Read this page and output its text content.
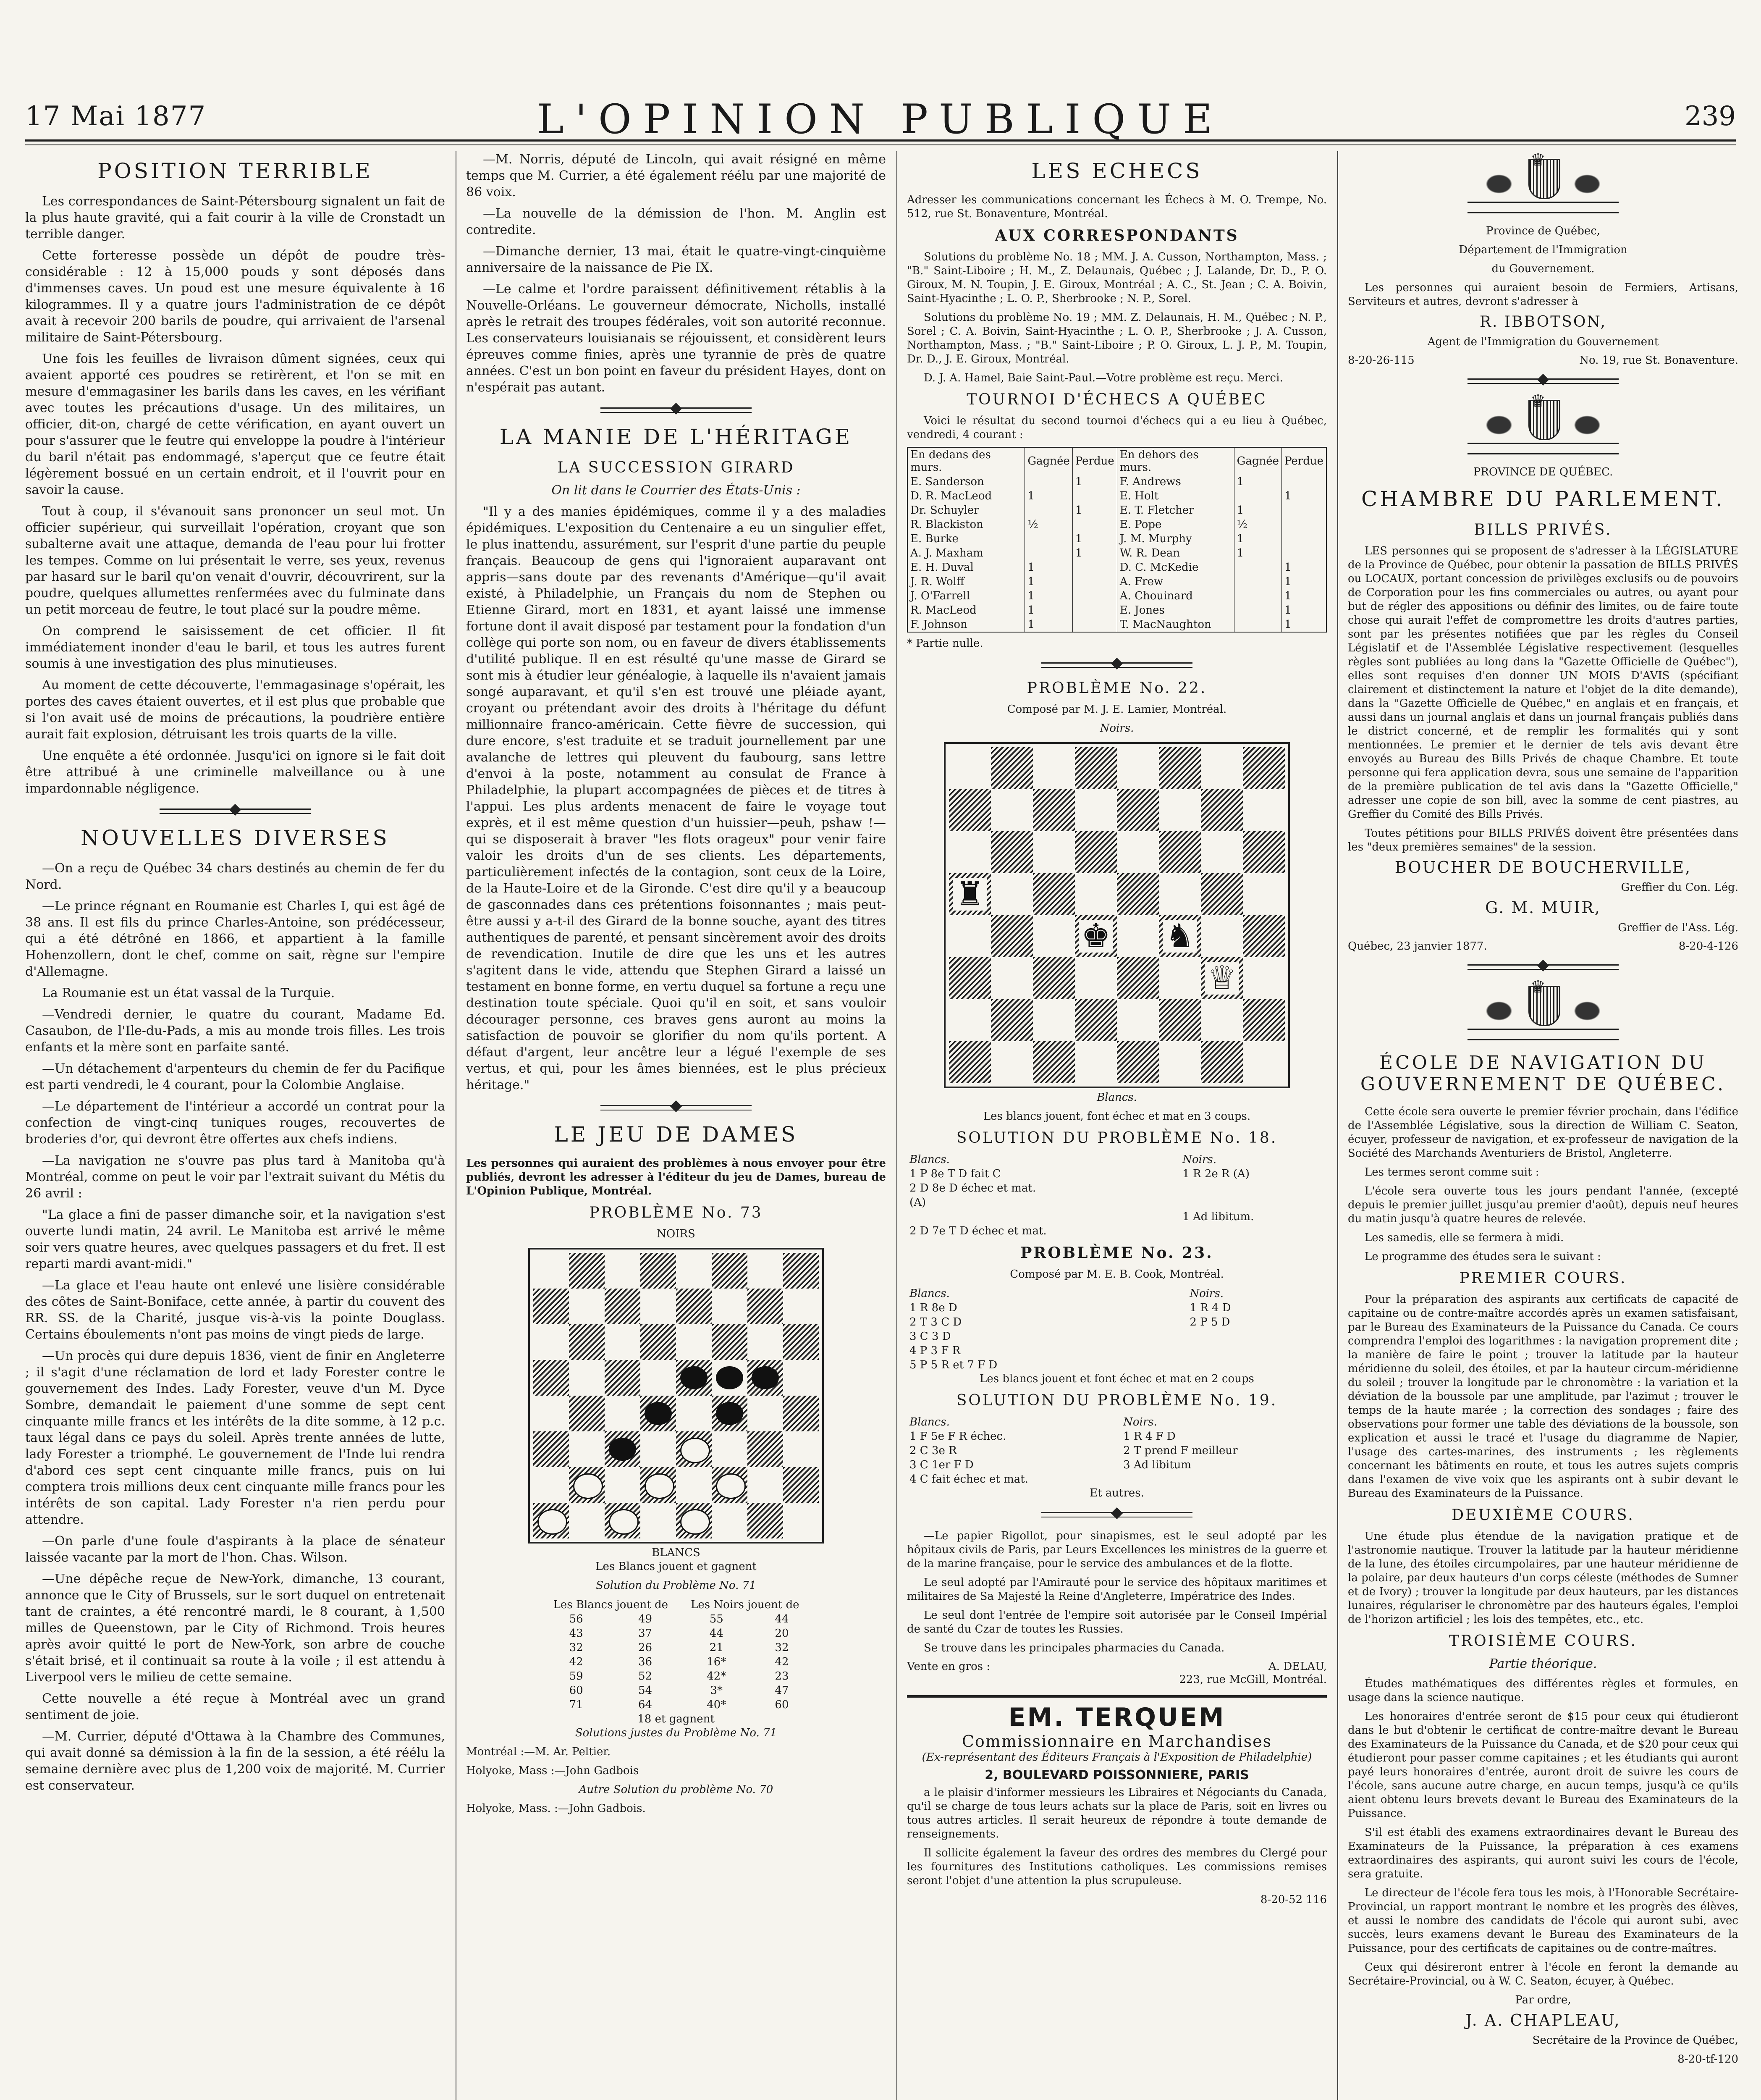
17 Mai 1877	L'OPINION PUBLIQUE	239
POSITION TERRIBLE

Les correspondances de Saint-Pétersbourg signalent un fait de la plus haute gravité, qui a fait courir à la ville de Cronstadt un terrible danger.

Cette forteresse possède un dépôt de poudre très-considérable : 12 à 15,000 pouds y sont déposés dans d'immenses caves. Un poud est une mesure équivalente à 16 kilogrammes. Il y a quatre jours l'administration de ce dépôt avait à recevoir 200 barils de poudre, qui arrivaient de l'arsenal militaire de Saint-Pétersbourg.

Une fois les feuilles de livraison dûment signées, ceux qui avaient apporté ces poudres se retirèrent, et l'on se mit en mesure d'emmagasiner les barils dans les caves, en les vérifiant avec toutes les précautions d'usage. Un des militaires, un officier, dit-on, chargé de cette vérification, en ayant ouvert un pour s'assurer que le feutre qui enveloppe la poudre à l'intérieur du baril n'était pas endommagé, s'aperçut que ce feutre était légèrement bossué en un certain endroit, et il l'ouvrit pour en savoir la cause.

Tout à coup, il s'évanouit sans prononcer un seul mot. Un officier supérieur, qui surveillait l'opération, croyant que son subalterne avait une attaque, demanda de l'eau pour lui frotter les tempes. Comme on lui présentait le verre, ses yeux, revenus par hasard sur le baril qu'on venait d'ouvrir, découvrirent, sur la poudre, quelques allumettes renfermées avec du fulminate dans un petit morceau de feutre, le tout placé sur la poudre même.

On comprend le saisissement de cet officier. Il fit immédiatement inonder d'eau le baril, et tous les autres furent soumis à une investigation des plus minutieuses.

Au moment de cette découverte, l'emmagasinage s'opérait, les portes des caves étaient ouvertes, et il est plus que probable que si l'on avait usé de moins de précautions, la poudrière entière aurait fait explosion, détruisant les trois quarts de la ville.

Une enquête a été ordonnée. Jusqu'ici on ignore si le fait doit être attribué à une criminelle malveillance ou à une impardonnable négligence.

NOUVELLES DIVERSES

—On a reçu de Québec 34 chars destinés au chemin de fer du Nord.

—Le prince régnant en Roumanie est Charles I, qui est âgé de 38 ans. Il est fils du prince Charles-Antoine, son prédécesseur, qui a été détrôné en 1866, et appartient à la famille Hohenzollern, dont le chef, comme on sait, règne sur l'empire d'Allemagne.

La Roumanie est un état vassal de la Turquie.

—Vendredi dernier, le quatre du courant, Madame Ed. Casaubon, de l'Ile-du-Pads, a mis au monde trois filles. Les trois enfants et la mère sont en parfaite santé.

—Un détachement d'arpenteurs du chemin de fer du Pacifique est parti vendredi, le 4 courant, pour la Colombie Anglaise.

—Le département de l'intérieur a accordé un contrat pour la confection de vingt-cinq tuniques rouges, recouvertes de broderies d'or, qui devront être offertes aux chefs indiens.

—La navigation ne s'ouvre pas plus tard à Manitoba qu'à Montréal, comme on peut le voir par l'extrait suivant du Métis du 26 avril :

"La glace a fini de passer dimanche soir, et la navigation s'est ouverte lundi matin, 24 avril. Le Manitoba est arrivé le même soir vers quatre heures, avec quelques passagers et du fret. Il est reparti mardi avant-midi."

—La glace et l'eau haute ont enlevé une lisière considérable des côtes de Saint-Boniface, cette année, à partir du couvent des RR. SS. de la Charité, jusque vis-à-vis la pointe Douglass. Certains éboulements n'ont pas moins de vingt pieds de large.

—Un procès qui dure depuis 1836, vient de finir en Angleterre ; il s'agit d'une réclamation de lord et lady Forester contre le gouvernement des Indes. Lady Forester, veuve d'un M. Dyce Sombre, demandait le paiement d'une somme de sept cent cinquante mille francs et les intérêts de la dite somme, à 12 p.c. taux légal dans ce pays du soleil. Après trente années de lutte, lady Forester a triomphé. Le gouvernement de l'Inde lui rendra d'abord ces sept cent cinquante mille francs, puis on lui comptera trois millions deux cent cinquante mille francs pour les intérêts de son capital. Lady Forester n'a rien perdu pour attendre.

—On parle d'une foule d'aspirants à la place de sénateur laissée vacante par la mort de l'hon. Chas. Wilson.

—Une dépêche reçue de New-York, dimanche, 13 courant, annonce que le City of Brussels, sur le sort duquel on entretenait tant de craintes, a été rencontré mardi, le 8 courant, à 1,500 milles de Queenstown, par le City of Richmond. Trois heures après avoir quitté le port de New-York, son arbre de couche s'était brisé, et il continuait sa route à la voile ; il est attendu à Liverpool vers le milieu de cette semaine.

Cette nouvelle a été reçue à Montréal avec un grand sentiment de joie.

—M. Currier, député d'Ottawa à la Chambre des Communes, qui avait donné sa démission à la fin de la session, a été réélu la semaine dernière avec plus de 1,200 voix de majorité. M. Currier est conservateur.

—M. Norris, député de Lincoln, qui avait résigné en même temps que M. Currier, a été également réélu par une majorité de 86 voix.

—La nouvelle de la démission de l'hon. M. Anglin est contredite.

—Dimanche dernier, 13 mai, était le quatre-vingt-cinquième anniversaire de la naissance de Pie IX.

—Le calme et l'ordre paraissent définitivement rétablis à la Nouvelle-Orléans. Le gouverneur démocrate, Nicholls, installé après le retrait des troupes fédérales, voit son autorité reconnue. Les conservateurs louisianais se réjouissent, et considèrent leurs épreuves comme finies, après une tyrannie de près de quatre années. C'est un bon point en faveur du président Hayes, dont on n'espérait pas autant.

LA MANIE DE L'HÉRITAGE
LA SUCCESSION GIRARD

On lit dans le Courrier des États-Unis :

"Il y a des manies épidémiques, comme il y a des maladies épidémiques. L'exposition du Centenaire a eu un singulier effet, le plus inattendu, assurément, sur l'esprit d'une partie du peuple français. Beaucoup de gens qui l'ignoraient auparavant ont appris—sans doute par des revenants d'Amérique—qu'il avait existé, à Philadelphie, un Français du nom de Stephen ou Etienne Girard, mort en 1831, et ayant laissé une immense fortune dont il avait disposé par testament pour la fondation d'un collège qui porte son nom, ou en faveur de divers établissements d'utilité publique. Il en est résulté qu'une masse de Girard se sont mis à étudier leur généalogie, à laquelle ils n'avaient jamais songé auparavant, et qu'il s'en est trouvé une pléiade ayant, croyant ou prétendant avoir des droits à l'héritage du défunt millionnaire franco-américain. Cette fièvre de succession, qui dure encore, s'est traduite et se traduit journellement par une avalanche de lettres qui pleuvent du faubourg, sans lettre d'envoi à la poste, notamment au consulat de France à Philadelphie, la plupart accompagnées de pièces et de titres à l'appui. Les plus ardents menacent de faire le voyage tout exprès, et il est même question d'un huissier—peuh, pshaw !—qui se disposerait à braver "les flots orageux" pour venir faire valoir les droits d'un de ses clients. Les départements, particulièrement infectés de la contagion, sont ceux de la Loire, de la Haute-Loire et de la Gironde. C'est dire qu'il y a beaucoup de gasconnades dans ces prétentions foisonnantes ; mais peut-être aussi y a-t-il des Girard de la bonne souche, ayant des titres authentiques de parenté, et pensant sincèrement avoir des droits de revendication. Inutile de dire que les uns et les autres s'agitent dans le vide, attendu que Stephen Girard a laissé un testament en bonne forme, en vertu duquel sa fortune a reçu une destination toute spéciale. Quoi qu'il en soit, et sans vouloir décourager personne, ces braves gens auront au moins la satisfaction de pouvoir se glorifier du nom qu'ils portent. A défaut d'argent, leur ancêtre leur a légué l'exemple de ses vertus, et qui, pour les âmes biennées, est le plus précieux héritage."

LE JEU DE DAMES

Les personnes qui auraient des problèmes à nous envoyer pour être publiés, devront les adresser à l'éditeur du jeu de Dames, bureau de L'Opinion Publique, Montréal.

PROBLÈME No. 73
NOIRS
BLANCS

Les Blancs jouent et gagnent

Solution du Problème No. 71

Les Blancs jouent de		Les Noirs jouent de	
56	49	55	44
43	37	44	20
32	26	21	32
42	36	16*	42
59	52	42*	23
60	54	3*	47
71	64	40*	60
18 et gagnent			

Solutions justes du Problème No. 71

Montréal :—M. Ar. Peltier.

Holyoke, Mass :—John Gadbois

Autre Solution du problème No. 70

Holyoke, Mass. :—John Gadbois.

LES ECHECS

Adresser les communications concernant les Échecs à M. O. Trempe, No. 512, rue St. Bonaventure, Montréal.

AUX CORRESPONDANTS

Solutions du problème No. 18 ; MM. J. A. Cusson, Northampton, Mass. ; "B." Saint-Liboire ; H. M., Z. Delaunais, Québec ; J. Lalande, Dr. D., P. O. Giroux, M. N. Toupin, J. E. Giroux, Montréal ; A. C., St. Jean ; C. A. Boivin, Saint-Hyacinthe ; L. O. P., Sherbrooke ; N. P., Sorel.

Solutions du problème No. 19 ; MM. Z. Delaunais, H. M., Québec ; N. P., Sorel ; C. A. Boivin, Saint-Hyacinthe ; L. O. P., Sherbrooke ; J. A. Cusson, Northampton, Mass. ; "B." Saint-Liboire ; P. O. Giroux, L. J. P., M. Toupin, Dr. D., J. E. Giroux, Montréal.

D. J. A. Hamel, Baie Saint-Paul.—Votre problème est reçu. Merci.

TOURNOI D'ÉCHECS A QUÉBEC

Voici le résultat du second tournoi d'échecs qui a eu lieu à Québec, vendredi, 4 courant :

En dedans des murs.	Gagnée	Perdue	En dehors des murs.	Gagnée	Perdue
E. Sanderson		1	F. Andrews	1	
D. R. MacLeod	1		E. Holt		1
Dr. Schuyler		1	E. T. Fletcher	1	
R. Blackiston	½		E. Pope	½	
E. Burke		1	J. M. Murphy	1	
A. J. Maxham		1	W. R. Dean	1	
E. H. Duval	1		D. C. McKedie		1
J. R. Wolff	1		A. Frew		1
J. O'Farrell	1		A. Chouinard		1
R. MacLeod	1		E. Jones		1
F. Johnson	1		T. MacNaughton		1

* Partie nulle.

PROBLÈME No. 22.

Composé par M. J. E. Lamier, Montréal.

Noirs.

♜
♚ ♞
♕

Blancs.

Les blancs jouent, font échec et mat en 3 coups.

SOLUTION DU PROBLÈME No. 18.
Blancs.	Noirs.
1 P 8e T D fait C	1 R 2e R (A)
2 D 8e D échec et mat.	
(A)	
	1 Ad libitum.
2 D 7e T D échec et mat.	
PROBLÈME No. 23.

Composé par M. E. B. Cook, Montréal.

Blancs.	Noirs.
1 R 8e D	1 R 4 D
2 T 3 C D	2 P 5 D
3 C 3 D	
4 P 3 F R	
5 P 5 R et 7 F D	

Les blancs jouent et font échec et mat en 2 coups

SOLUTION DU PROBLÈME No. 19.
Blancs.	Noirs.
1 F 5e F R échec.	1 R 4 F D
2 C 3e R	2 T prend F meilleur
3 C 1er F D	3 Ad libitum
4 C fait échec et mat.	

Et autres.

—Le papier Rigollot, pour sinapismes, est le seul adopté par les hôpitaux civils de Paris, par Leurs Excellences les ministres de la guerre et de la marine française, pour le service des ambulances et de la flotte.

Le seul adopté par l'Amirauté pour le service des hôpitaux maritimes et militaires de Sa Majesté la Reine d'Angleterre, Impératrice des Indes.

Le seul dont l'entrée de l'empire soit autorisée par le Conseil Impérial de santé du Czar de toutes les Russies.

Se trouve dans les principales pharmacies du Canada.

Vente en gros :	A. DELAU,

223, rue McGill, Montréal.

EM. TERQUEM
Commissionnaire en Marchandises
(Ex-représentant des Éditeurs Français à l'Exposition de Philadelphie)
2, BOULEVARD POISSONNIERE, PARIS

a le plaisir d'informer messieurs les Libraires et Négociants du Canada, qu'il se charge de tous leurs achats sur la place de Paris, soit en livres ou tous autres articles. Il serait heureux de répondre à toute demande de renseignements.

Il sollicite également la faveur des ordres des membres du Clergé pour les fournitures des Institutions catholiques. Les commissions remises seront l'objet d'une attention la plus scrupuleuse.

8-20-52 116
♛

Province de Québec,

Département de l'Immigration

du Gouvernement.

Les personnes qui auraient besoin de Fermiers, Artisans, Serviteurs et autres, devront s'adresser à

R. IBBOTSON,

Agent de l'Immigration du Gouvernement

8-20-26-115	No. 19, rue St. Bonaventure.
♛

PROVINCE DE QUÉBEC.

CHAMBRE DU PARLEMENT.
BILLS PRIVÉS.

LES personnes qui se proposent de s'adresser à la LÉGISLATURE de la Province de Québec, pour obtenir la passation de BILLS PRIVÉS ou LOCAUX, portant concession de privilèges exclusifs ou de pouvoirs de Corporation pour les fins commerciales ou autres, ou ayant pour but de régler des appositions ou définir des limites, ou de faire toute chose qui aurait l'effet de compromettre les droits d'autres parties, sont par les présentes notifiées que par les règles du Conseil Législatif et de l'Assemblée Législative respectivement (lesquelles règles sont publiées au long dans la "Gazette Officielle de Québec"), elles sont requises d'en donner UN MOIS D'AVIS (spécifiant clairement et distinctement la nature et l'objet de la dite demande), dans la "Gazette Officielle de Québec," en anglais et en français, et aussi dans un journal anglais et dans un journal français publiés dans le district concerné, et de remplir les formalités qui y sont mentionnées. Le premier et le dernier de tels avis devant être envoyés au Bureau des Bills Privés de chaque Chambre. Et toute personne qui fera application devra, sous une semaine de l'apparition de la première publication de tel avis dans la "Gazette Officielle," adresser une copie de son bill, avec la somme de cent piastres, au Greffier du Comité des Bills Privés.

Toutes pétitions pour BILLS PRIVÉS doivent être présentées dans les "deux premières semaines" de la session.

BOUCHER DE BOUCHERVILLE,

Greffier du Con. Lég.

G. M. MUIR,

Greffier de l'Ass. Lég.

Québec, 23 janvier 1877.	8-20-4-126
♛
ÉCOLE DE NAVIGATION DU GOUVERNEMENT DE QUÉBEC.

Cette école sera ouverte le premier février prochain, dans l'édifice de l'Assemblée Législative, sous la direction de William C. Seaton, écuyer, professeur de navigation, et ex-professeur de navigation de la Société des Marchands Aventuriers de Bristol, Angleterre.

Les termes seront comme suit :

L'école sera ouverte tous les jours pendant l'année, (excepté depuis le premier juillet jusqu'au premier d'août), depuis neuf heures du matin jusqu'à quatre heures de relevée.

Les samedis, elle se fermera à midi.

Le programme des études sera le suivant :

PREMIER COURS.

Pour la préparation des aspirants aux certificats de capacité de capitaine ou de contre-maître accordés après un examen satisfaisant, par le Bureau des Examinateurs de la Puissance du Canada. Ce cours comprendra l'emploi des logarithmes : la navigation proprement dite ; la manière de faire le point ; trouver la latitude par la hauteur méridienne du soleil, des étoiles, et par la hauteur circum-méridienne du soleil ; trouver la longitude par le chronomètre : la variation et la déviation de la boussole par une amplitude, par l'azimut ; trouver le temps de la haute marée ; la correction des sondages ; faire des observations pour former une table des déviations de la boussole, son explication et aussi le tracé et l'usage du diagramme de Napier, l'usage des cartes-marines, des instruments ; les règlements concernant les bâtiments en route, et tous les autres sujets compris dans l'examen de vive voix que les aspirants ont à subir devant le Bureau des Examinateurs de la Puissance.

DEUXIÈME COURS.

Une étude plus étendue de la navigation pratique et de l'astronomie nautique. Trouver la latitude par la hauteur méridienne de la lune, des étoiles circumpolaires, par une hauteur méridienne de la polaire, par deux hauteurs d'un corps céleste (méthodes de Sumner et de Ivory) ; trouver la longitude par deux hauteurs, par les distances lunaires, régulariser le chronomètre par des hauteurs égales, l'emploi de l'horizon artificiel ; les lois des tempêtes, etc., etc.

TROISIÈME COURS.

Partie théorique.

Études mathématiques des différentes règles et formules, en usage dans la science nautique.

Les honoraires d'entrée seront de $15 pour ceux qui étudieront dans le but d'obtenir le certificat de contre-maître devant le Bureau des Examinateurs de la Puissance du Canada, et de $20 pour ceux qui étudieront pour passer comme capitaines ; et les étudiants qui auront payé leurs honoraires d'entrée, auront droit de suivre les cours de l'école, sans aucune autre charge, en aucun temps, jusqu'à ce qu'ils aient obtenu leurs brevets devant le Bureau des Examinateurs de la Puissance.

S'il est établi des examens extraordinaires devant le Bureau des Examinateurs de la Puissance, la préparation à ces examens extraordinaires des aspirants, qui auront suivi les cours de l'école, sera gratuite.

Le directeur de l'école fera tous les mois, à l'Honorable Secrétaire-Provincial, un rapport montrant le nombre et les progrès des élèves, et aussi le nombre des candidats de l'école qui auront subi, avec succès, leurs examens devant le Bureau des Examinateurs de la Puissance, pour des certificats de capitaines ou de contre-maîtres.

Ceux qui désireront entrer à l'école en feront la demande au Secrétaire-Provincial, ou à W. C. Seaton, écuyer, à Québec.

Par ordre,

J. A. CHAPLEAU,

Secrétaire de la Province de Québec,

8-20-tf-120
